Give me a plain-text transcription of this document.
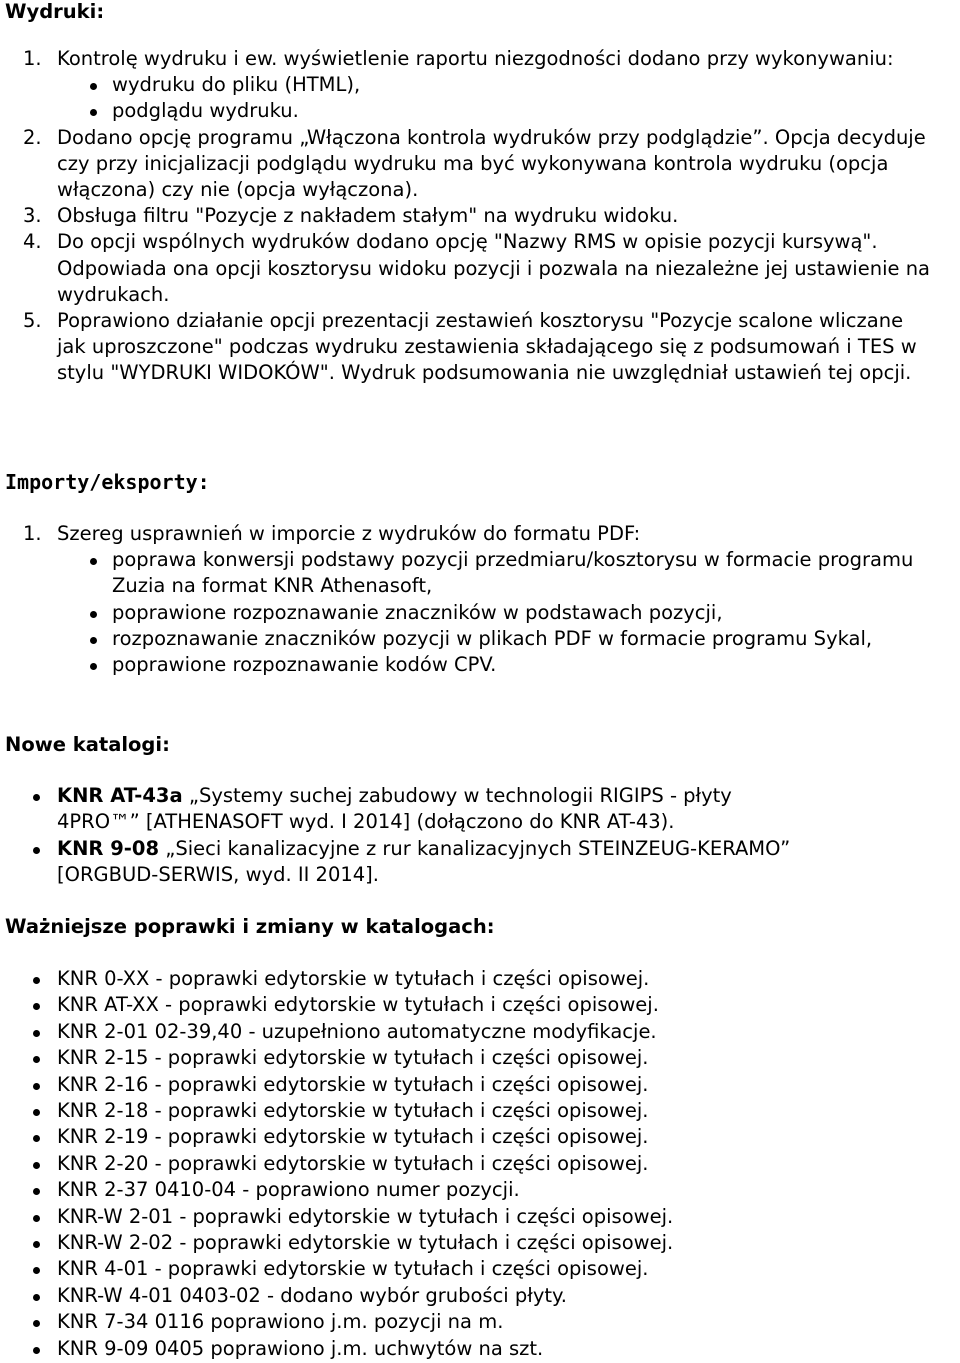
Wydruki:
1. Kontrolę wydruku i ew. wyświetlenie raportu niezgodności dodano przy wykonywaniu:
wydruku do pliku (HTML),
podglądu wydruku.
2. Dodano opcję programu „Włączona kontrola wydruków przy podglądzie”. Opcja decyduje czy przy inicjalizacji podglądu wydruku ma być wykonywana kontrola wydruku (opcja włączona) czy nie (opcja wyłączona).
3. Obsługa filtru "Pozycje z nakładem stałym" na wydruku widoku.
4. Do opcji wspólnych wydruków dodano opcję "Nazwy RMS w opisie pozycji kursywą". Odpowiada ona opcji kosztorysu widoku pozycji i pozwala na niezależne jej ustawienie na wydrukach.
5. Poprawiono działanie opcji prezentacji zestawień kosztorysu "Pozycje scalone wliczane jak uproszczone" podczas wydruku zestawienia składającego się z podsumowań i TES w stylu "WYDRUKI WIDOKÓW". Wydruk podsumowania nie uwzględniał ustawień tej opcji.
Importy/eksporty:
1. Szereg usprawnień w imporcie z wydruków do formatu PDF:
poprawa konwersji podstawy pozycji przedmiaru/kosztorysu w formacie programu Zuzia na format KNR Athenasoft,
poprawione rozpoznawanie znaczników w podstawach pozycji,
rozpoznawanie znaczników pozycji w plikach PDF w formacie programu Sykal,
poprawione rozpoznawanie kodów CPV.
Nowe katalogi:
KNR AT-43a „Systemy suchej zabudowy w technologii RIGIPS - płyty 4PRO™” [ATHENASOFT wyd. I 2014] (dołączono do KNR AT-43).
KNR 9-08 „Sieci kanalizacyjne z rur kanalizacyjnych STEINZEUG-KERAMO” [ORGBUD-SERWIS, wyd. II 2014].
Ważniejsze poprawki i zmiany w katalogach:
KNR 0-XX - poprawki edytorskie w tytułach i części opisowej.
KNR AT-XX - poprawki edytorskie w tytułach i części opisowej.
KNR 2-01 02-39,40 - uzupełniono automatyczne modyfikacje.
KNR 2-15 - poprawki edytorskie w tytułach i części opisowej.
KNR 2-16 - poprawki edytorskie w tytułach i części opisowej.
KNR 2-18 - poprawki edytorskie w tytułach i części opisowej.
KNR 2-19 - poprawki edytorskie w tytułach i części opisowej.
KNR 2-20 - poprawki edytorskie w tytułach i części opisowej.
KNR 2-37 0410-04 - poprawiono numer pozycji.
KNR-W 2-01 - poprawki edytorskie w tytułach i części opisowej.
KNR-W 2-02 - poprawki edytorskie w tytułach i części opisowej.
KNR 4-01 - poprawki edytorskie w tytułach i części opisowej.
KNR-W 4-01 0403-02 - dodano wybór grubości płyty.
KNR 7-34 0116 poprawiono j.m. pozycji na m.
KNR 9-09 0405 poprawiono j.m. uchwytów na szt.
